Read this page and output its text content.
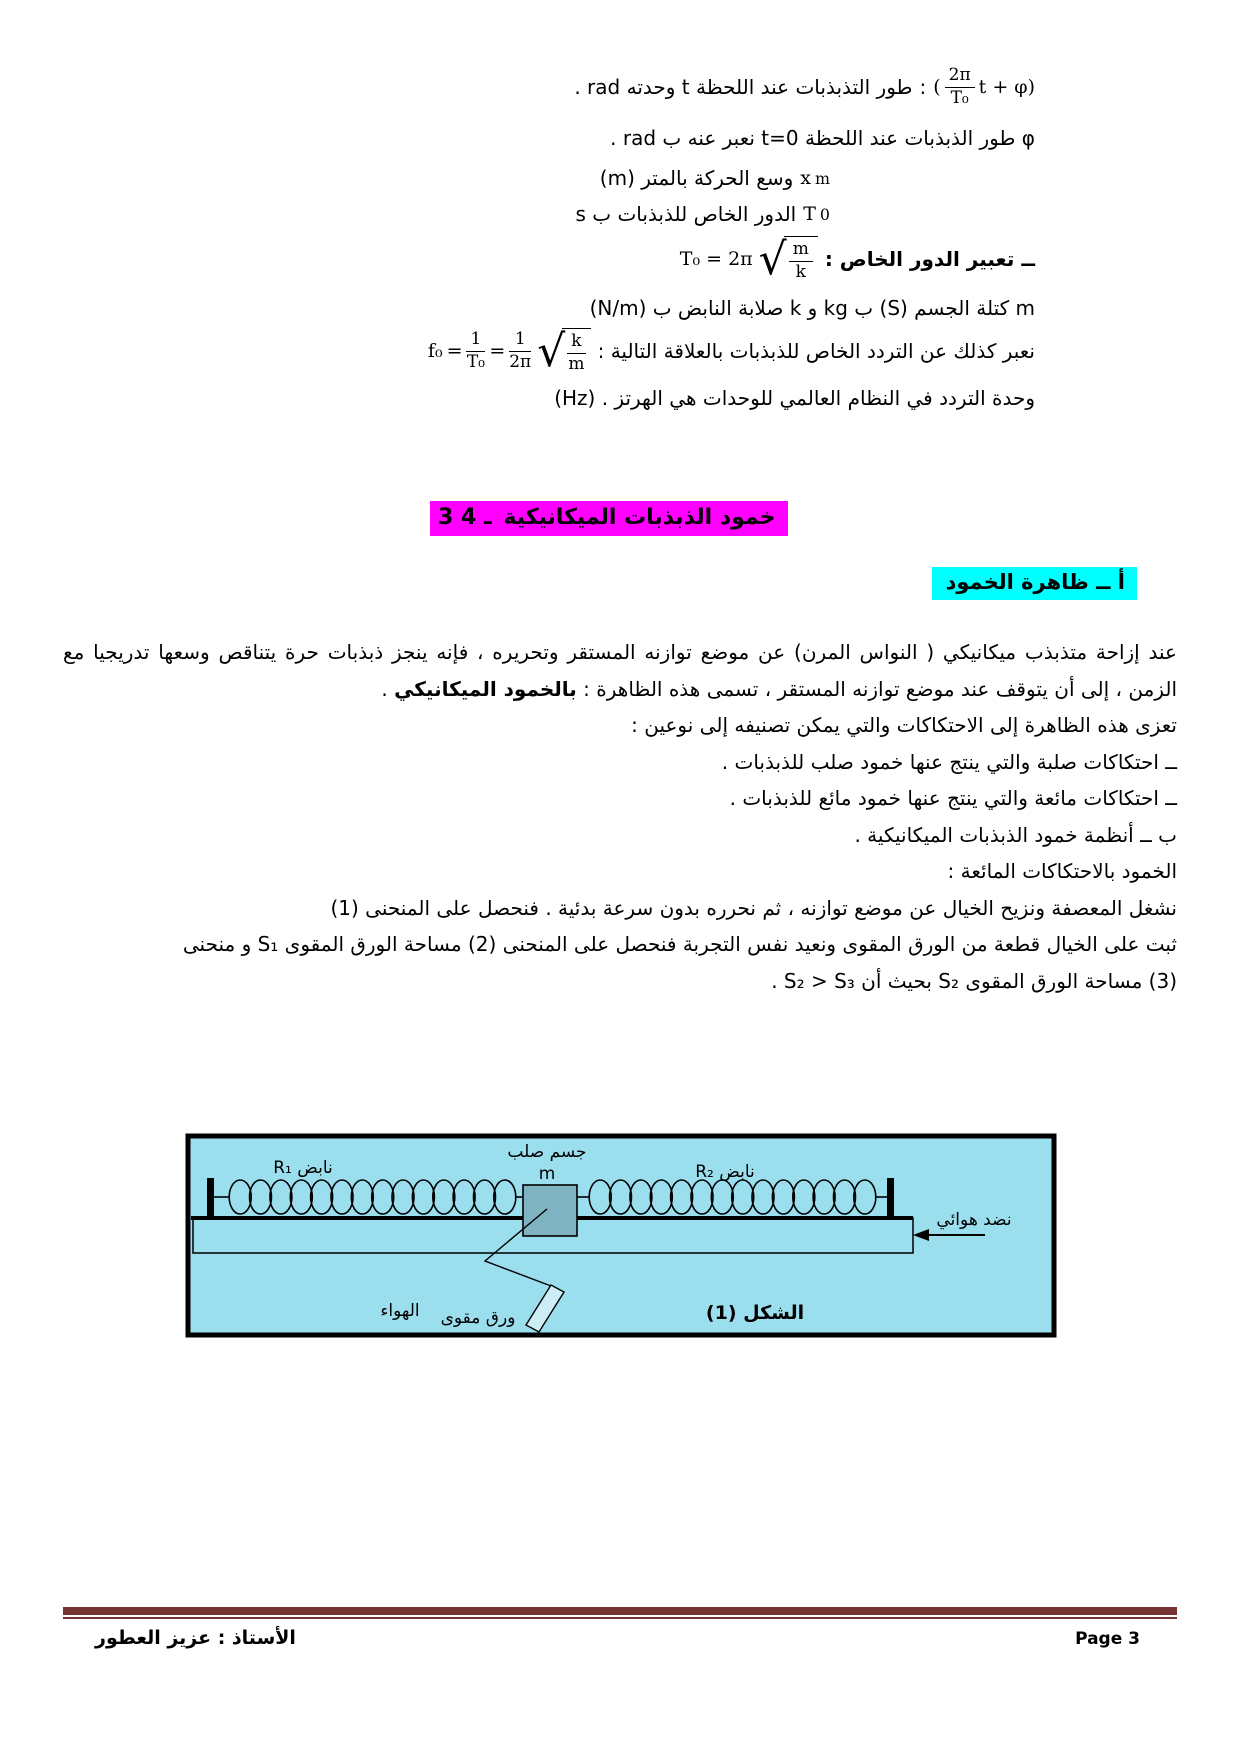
( $\frac{2\pi}{\text{T₀}}$ t + φ)
:
طور التذبذبات عند اللحظة t وحدته rad .
φ طور الذبذبات عند اللحظة t=0 نعبر عنه ب rad .
x m
وسع الحركة بالمتر (m)
T 0
الدور الخاص للذبذبات ب s
ــ تعبير الدور الخاص :
T₀ = 2π √ $\frac{m}{k}$
m كتلة الجسم (S) ب kg و k صلابة النابض ب (N/m)
نعبر كذلك عن التردد الخاص للذبذبات بالعلاقة التالية :
$f_0 = \frac{1}{\text{T₀}} = \frac{1}{2\pi}$ √ $\frac{k}{m}$
وحدة التردد في النظام العالمي للوحدات هي الهرتز . (Hz)
3 ـ 4 خمود الذبذبات الميكانيكية
أ ــ ظاهرة الخمود

عند إزاحة متذبذب ميكانيكي ( النواس المرن) عن موضع توازنه المستقر وتحريره ، فإنه ينجز ذبذبات حرة يتناقص وسعها تدريجيا مع الزمن ، إلى أن يتوقف عند موضع توازنه المستقر ، تسمى هذه الظاهرة : بالخمود الميكانيكي .

تعزى هذه الظاهرة إلى الاحتكاكات والتي يمكن تصنيفه إلى نوعين :
ــ احتكاكات صلبة والتي ينتج عنها خمود صلب للذبذبات .
ــ احتكاكات مائعة والتي ينتج عنها خمود مائع للذبذبات .
ب ــ أنظمة خمود الذبذبات الميكانيكية .
الخمود بالاحتكاكات المائعة :
نشغل المعصفة ونزيح الخيال عن موضع توازنه ، ثم نحرره بدون سرعة بدئية . فنحصل على المنحنى (1)
ثبت على الخيال قطعة من الورق المقوى ونعيد نفس التجربة فنحصل على المنحنى (2) مساحة الورق المقوى S₁ و منحنى
(3) مساحة الورق المقوى S₂ بحيث أن S₂ > S₃ .
نابض R₁
جسم صلب
m	نابض R₂
نضد هوائي
الهواء ورق مقوى	الشكل (1)
الأستاذ : عزيز العطور	Page 3
